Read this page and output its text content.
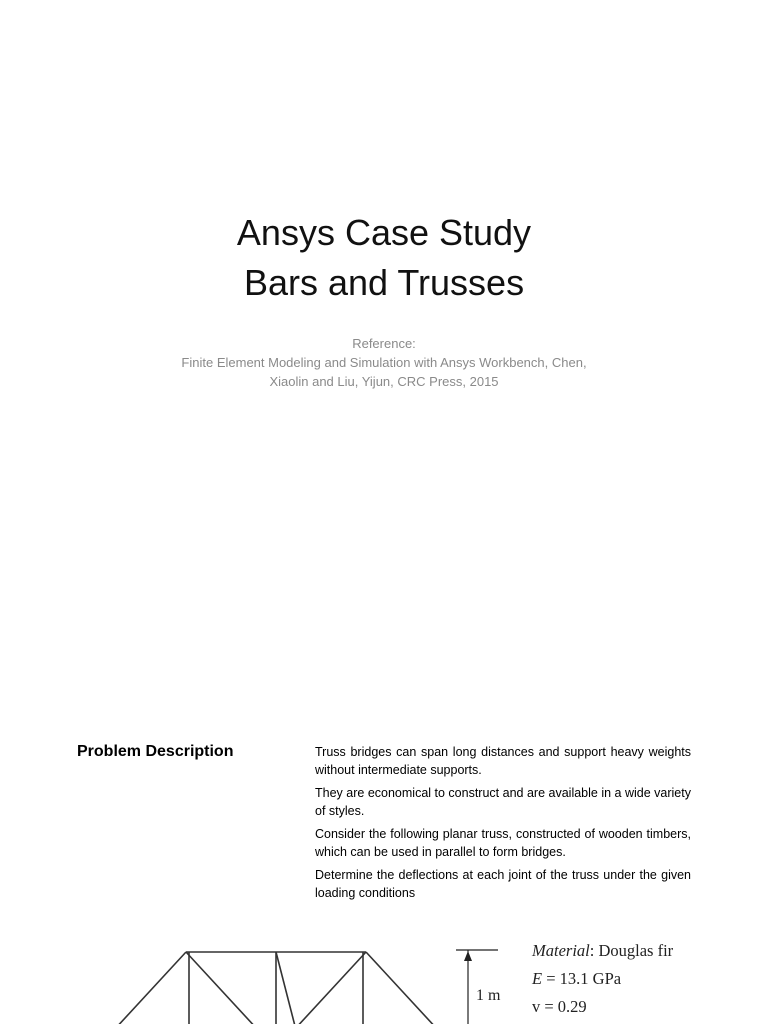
Ansys Case Study
Bars and Trusses
Reference:
Finite Element Modeling and Simulation with Ansys Workbench, Chen,
Xiaolin and Liu, Yijun, CRC Press, 2015
Problem Description	Truss bridges can span long distances and support heavy weights without intermediate supports.

They are economical to construct and are available in a wide variety of styles.

Consider the following planar truss, constructed of wooden timbers, which can be used in parallel to form bridges.

Determine the deflections at each joint of the truss under the given loading conditions

1 m
Material: Douglas fir
E = 13.1 GPa
v = 0.29
